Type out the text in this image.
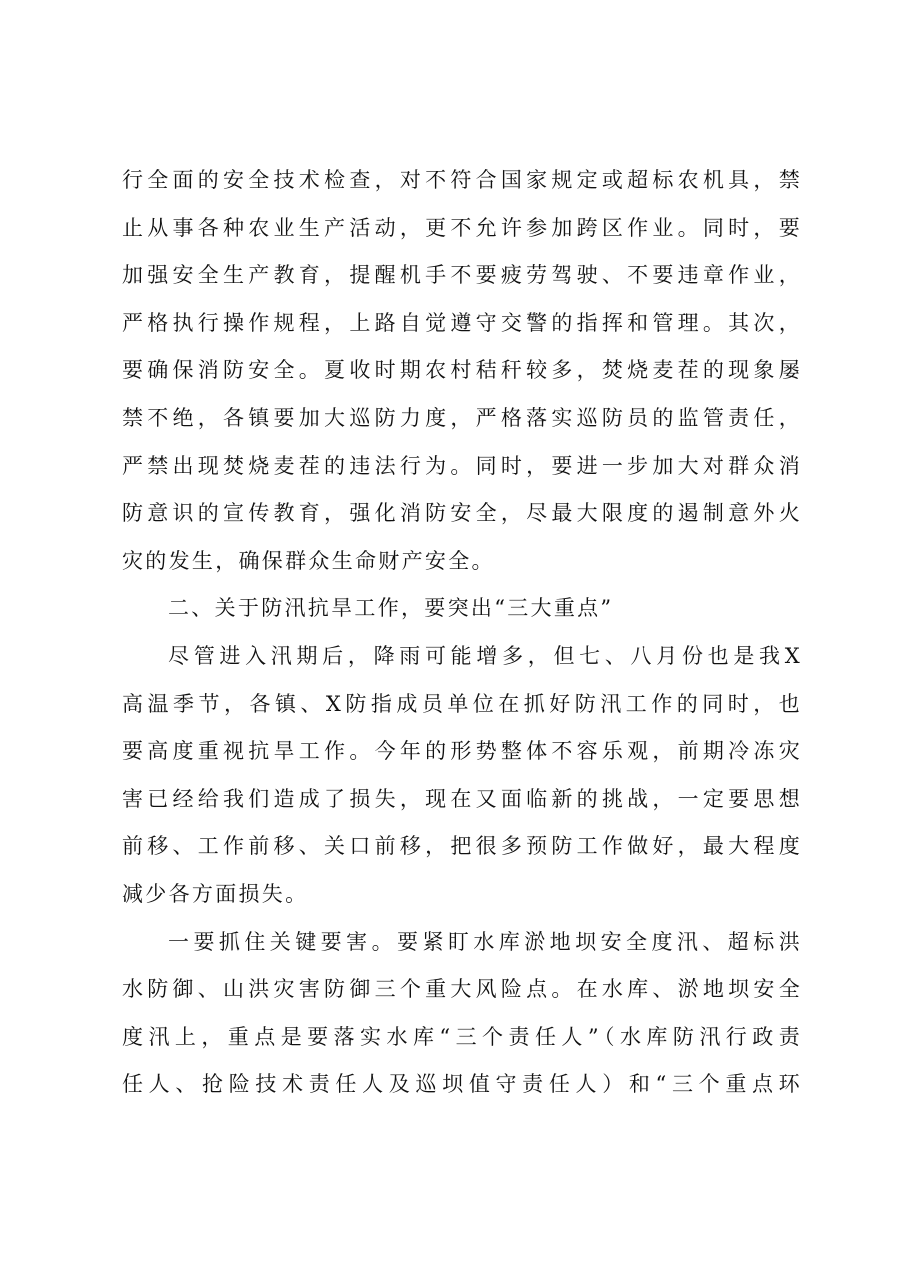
行全面的安全技术检查，对不符合国家规定或超标农机具，禁
止从事各种农业生产活动，更不允许参加跨区作业。同时，要
加强安全生产教育，提醒机手不要疲劳驾驶、不要违章作业，
严格执行操作规程，上路自觉遵守交警的指挥和管理。其次，
要确保消防安全。夏收时期农村秸秆较多，焚烧麦茬的现象屡
禁不绝，各镇要加大巡防力度，严格落实巡防员的监管责任，
严禁出现焚烧麦茬的违法行为。同时，要进一步加大对群众消
防意识的宣传教育，强化消防安全，尽最大限度的遏制意外火
灾的发生，确保群众生命财产安全。

二、关于防汛抗旱工作，要突出“三大重点”

尽管进入汛期后，降雨可能增多，但七、八月份也是我X
高温季节，各镇、X防指成员单位在抓好防汛工作的同时，也
要高度重视抗旱工作。今年的形势整体不容乐观，前期冷冻灾
害已经给我们造成了损失，现在又面临新的挑战，一定要思想
前移、工作前移、关口前移，把很多预防工作做好，最大程度
减少各方面损失。

一要抓住关键要害。要紧盯水库淤地坝安全度汛、超标洪
水防御、山洪灾害防御三个重大风险点。在水库、淤地坝安全
度汛上，重点是要落实水库“三个责任人”（水库防汛行政责
任人、抢险技术责任人及巡坝值守责任人）和“三个重点环
